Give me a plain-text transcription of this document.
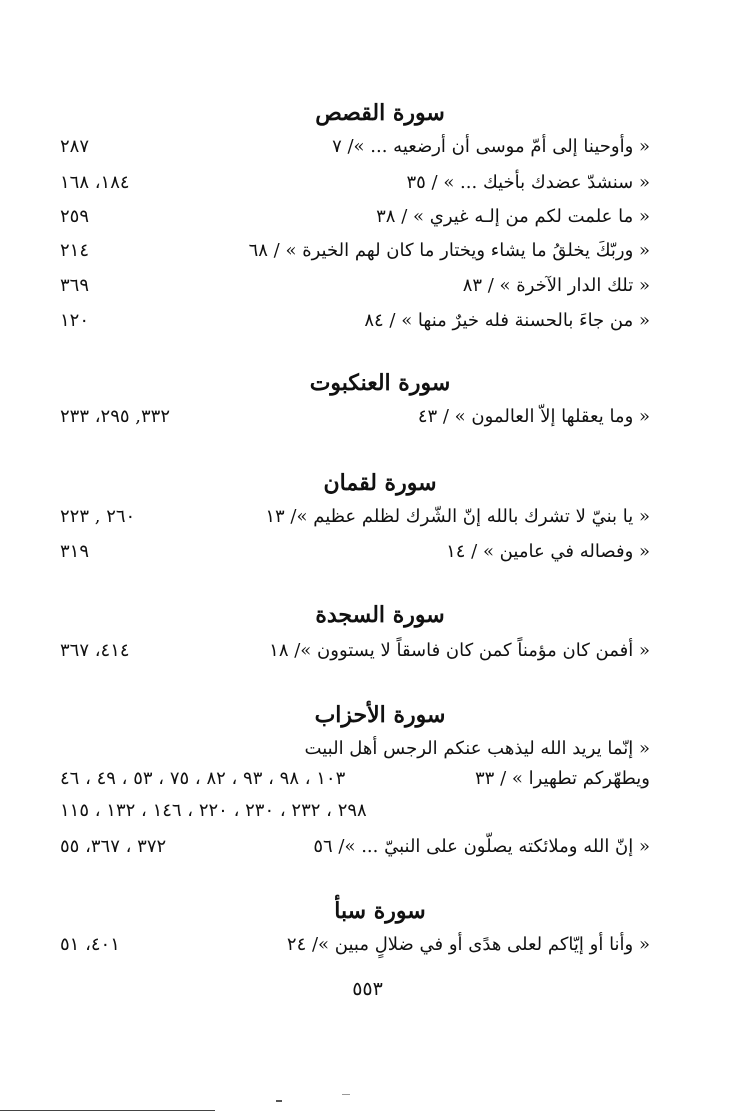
سورة القصص
« وأوحينا إلى أمّ موسى أن أرضعيه ... »/ ٧
٢٨٧
« سنشدّ عضدك بأخيك ... » / ٣٥
١٨٤، ١٦٨
« ما علمت لكم من إلـه غيري » / ٣٨
٢٥٩
« وربّكَ يخلقُ ما يشاء ويختار ما كان لهم الخيرة » / ٦٨
٢١٤
« تلك الدار الآخرة » / ٨٣
٣٦٩
« من جاءَ بالحسنة فله خيرٌ منها » / ٨٤
١٢٠
سورة العنكبوت
« وما يعقلها إلاّ العالمون » / ٤٣
٣٣٢, ٢٩٥، ٢٣٣
سورة لقمان
« يا بنيّ لا تشرك بالله إنّ الشّرك لظلم عظيم »/ ١٣
٢٦٠ , ٢٢٣
« وفصاله في عامين » / ١٤
٣١٩
سورة السجدة
« أفمن كان مؤمناً كمن كان فاسقاً لا يستوون »/ ١٨
٤١٤، ٣٦٧
سورة الأحزاب
« إنّما يريد الله ليذهب عنكم الرجس أهل البيت
ويطهّركم تطهيرا » / ٣٣
١٠٣ ، ٩٨ ، ٩٣ ، ٨٢ ، ٧٥ ، ٥٣ ، ٤٩ ، ٤٦
٢٩٨ ، ٢٣٢ ، ٢٣٠ ، ٢٢٠ ، ١٤٦ ، ١٣٢ ، ١١٥
« إنّ الله وملائكته يصلّون على النبيّ ... »/ ٥٦
٣٧٢ ، ٣٦٧، ٥٥
سورة سبأ
« وأنا أو إيّاكم لعلى هدًى أو في ضلالٍ مبين »/ ٢٤
٤٠١، ٥١
٥٥٣
